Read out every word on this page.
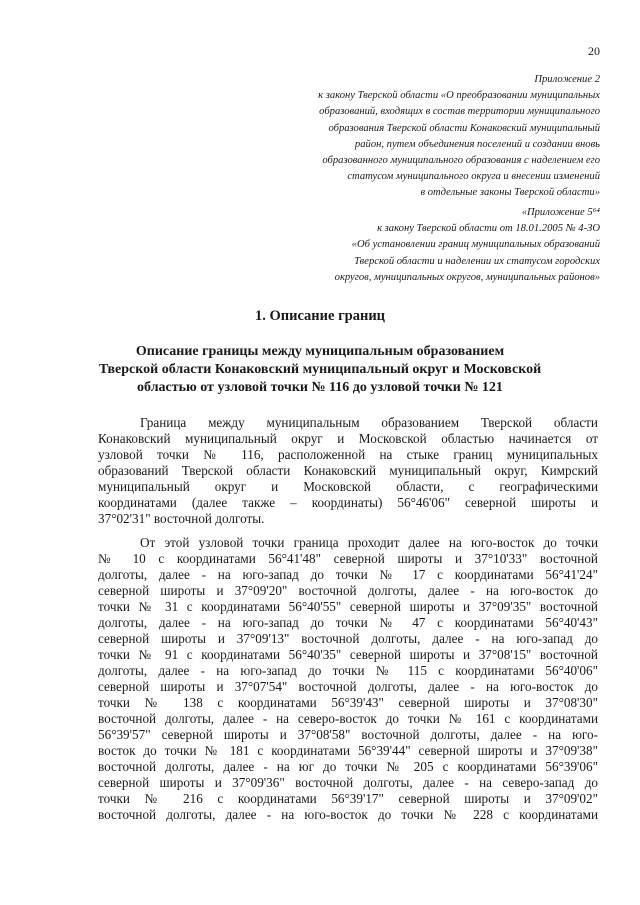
20
Приложение 2
к закону Тверской области «О преобразовании муниципальных
образований, входящих в состав территории муниципального
образования Тверской области Конаковский муниципальный
район, путем объединения поселений и создании вновь
образованного муниципального образования с наделением его
статусом муниципального округа и внесении изменений
в отдельные законы Тверской области»
«Приложение 5⁶⁴
к закону Тверской области от 18.01.2005 № 4-ЗО
«Об установлении границ муниципальных образований
Тверской области и наделении их статусом городских
округов, муниципальных округов, муниципальных районов»
1. Описание границ
Описание границы между муниципальным образованием
Тверской области Конаковский муниципальный округ и Московской
областью от узловой точки № 116 до узловой точки № 121
Граница между муниципальным образованием Тверской области
Конаковский муниципальный округ и Московской областью начинается от
узловой точки № 116, расположенной на стыке границ муниципальных
образований Тверской области Конаковский муниципальный округ, Кимрский
муниципальный округ и Московской области, с географическими
координатами (далее также – координаты) 56°46'06" северной широты и
37°02'31" восточной долготы.
От этой узловой точки граница проходит далее на юго-восток до точки
№ 10 с координатами 56°41'48" северной широты и 37°10'33" восточной
долготы, далее - на юго-запад до точки № 17 с координатами 56°41'24"
северной широты и 37°09'20" восточной долготы, далее - на юго-восток до
точки № 31 с координатами 56°40'55" северной широты и 37°09'35" восточной
долготы, далее - на юго-запад до точки № 47 с координатами 56°40'43"
северной широты и 37°09'13" восточной долготы, далее - на юго-запад до
точки № 91 с координатами 56°40'35" северной широты и 37°08'15" восточной
долготы, далее - на юго-запад до точки № 115 с координатами 56°40'06"
северной широты и 37°07'54" восточной долготы, далее - на юго-восток до
точки № 138 с координатами 56°39'43" северной широты и 37°08'30"
восточной долготы, далее - на северо-восток до точки № 161 с координатами
56°39'57" северной широты и 37°08'58" восточной долготы, далее - на юго-
восток до точки № 181 с координатами 56°39'44" северной широты и 37°09'38"
восточной долготы, далее - на юг до точки № 205 с координатами 56°39'06"
северной широты и 37°09'36" восточной долготы, далее - на северо-запад до
точки № 216 с координатами 56°39'17" северной широты и 37°09'02"
восточной долготы, далее - на юго-восток до точки № 228 с координатами
